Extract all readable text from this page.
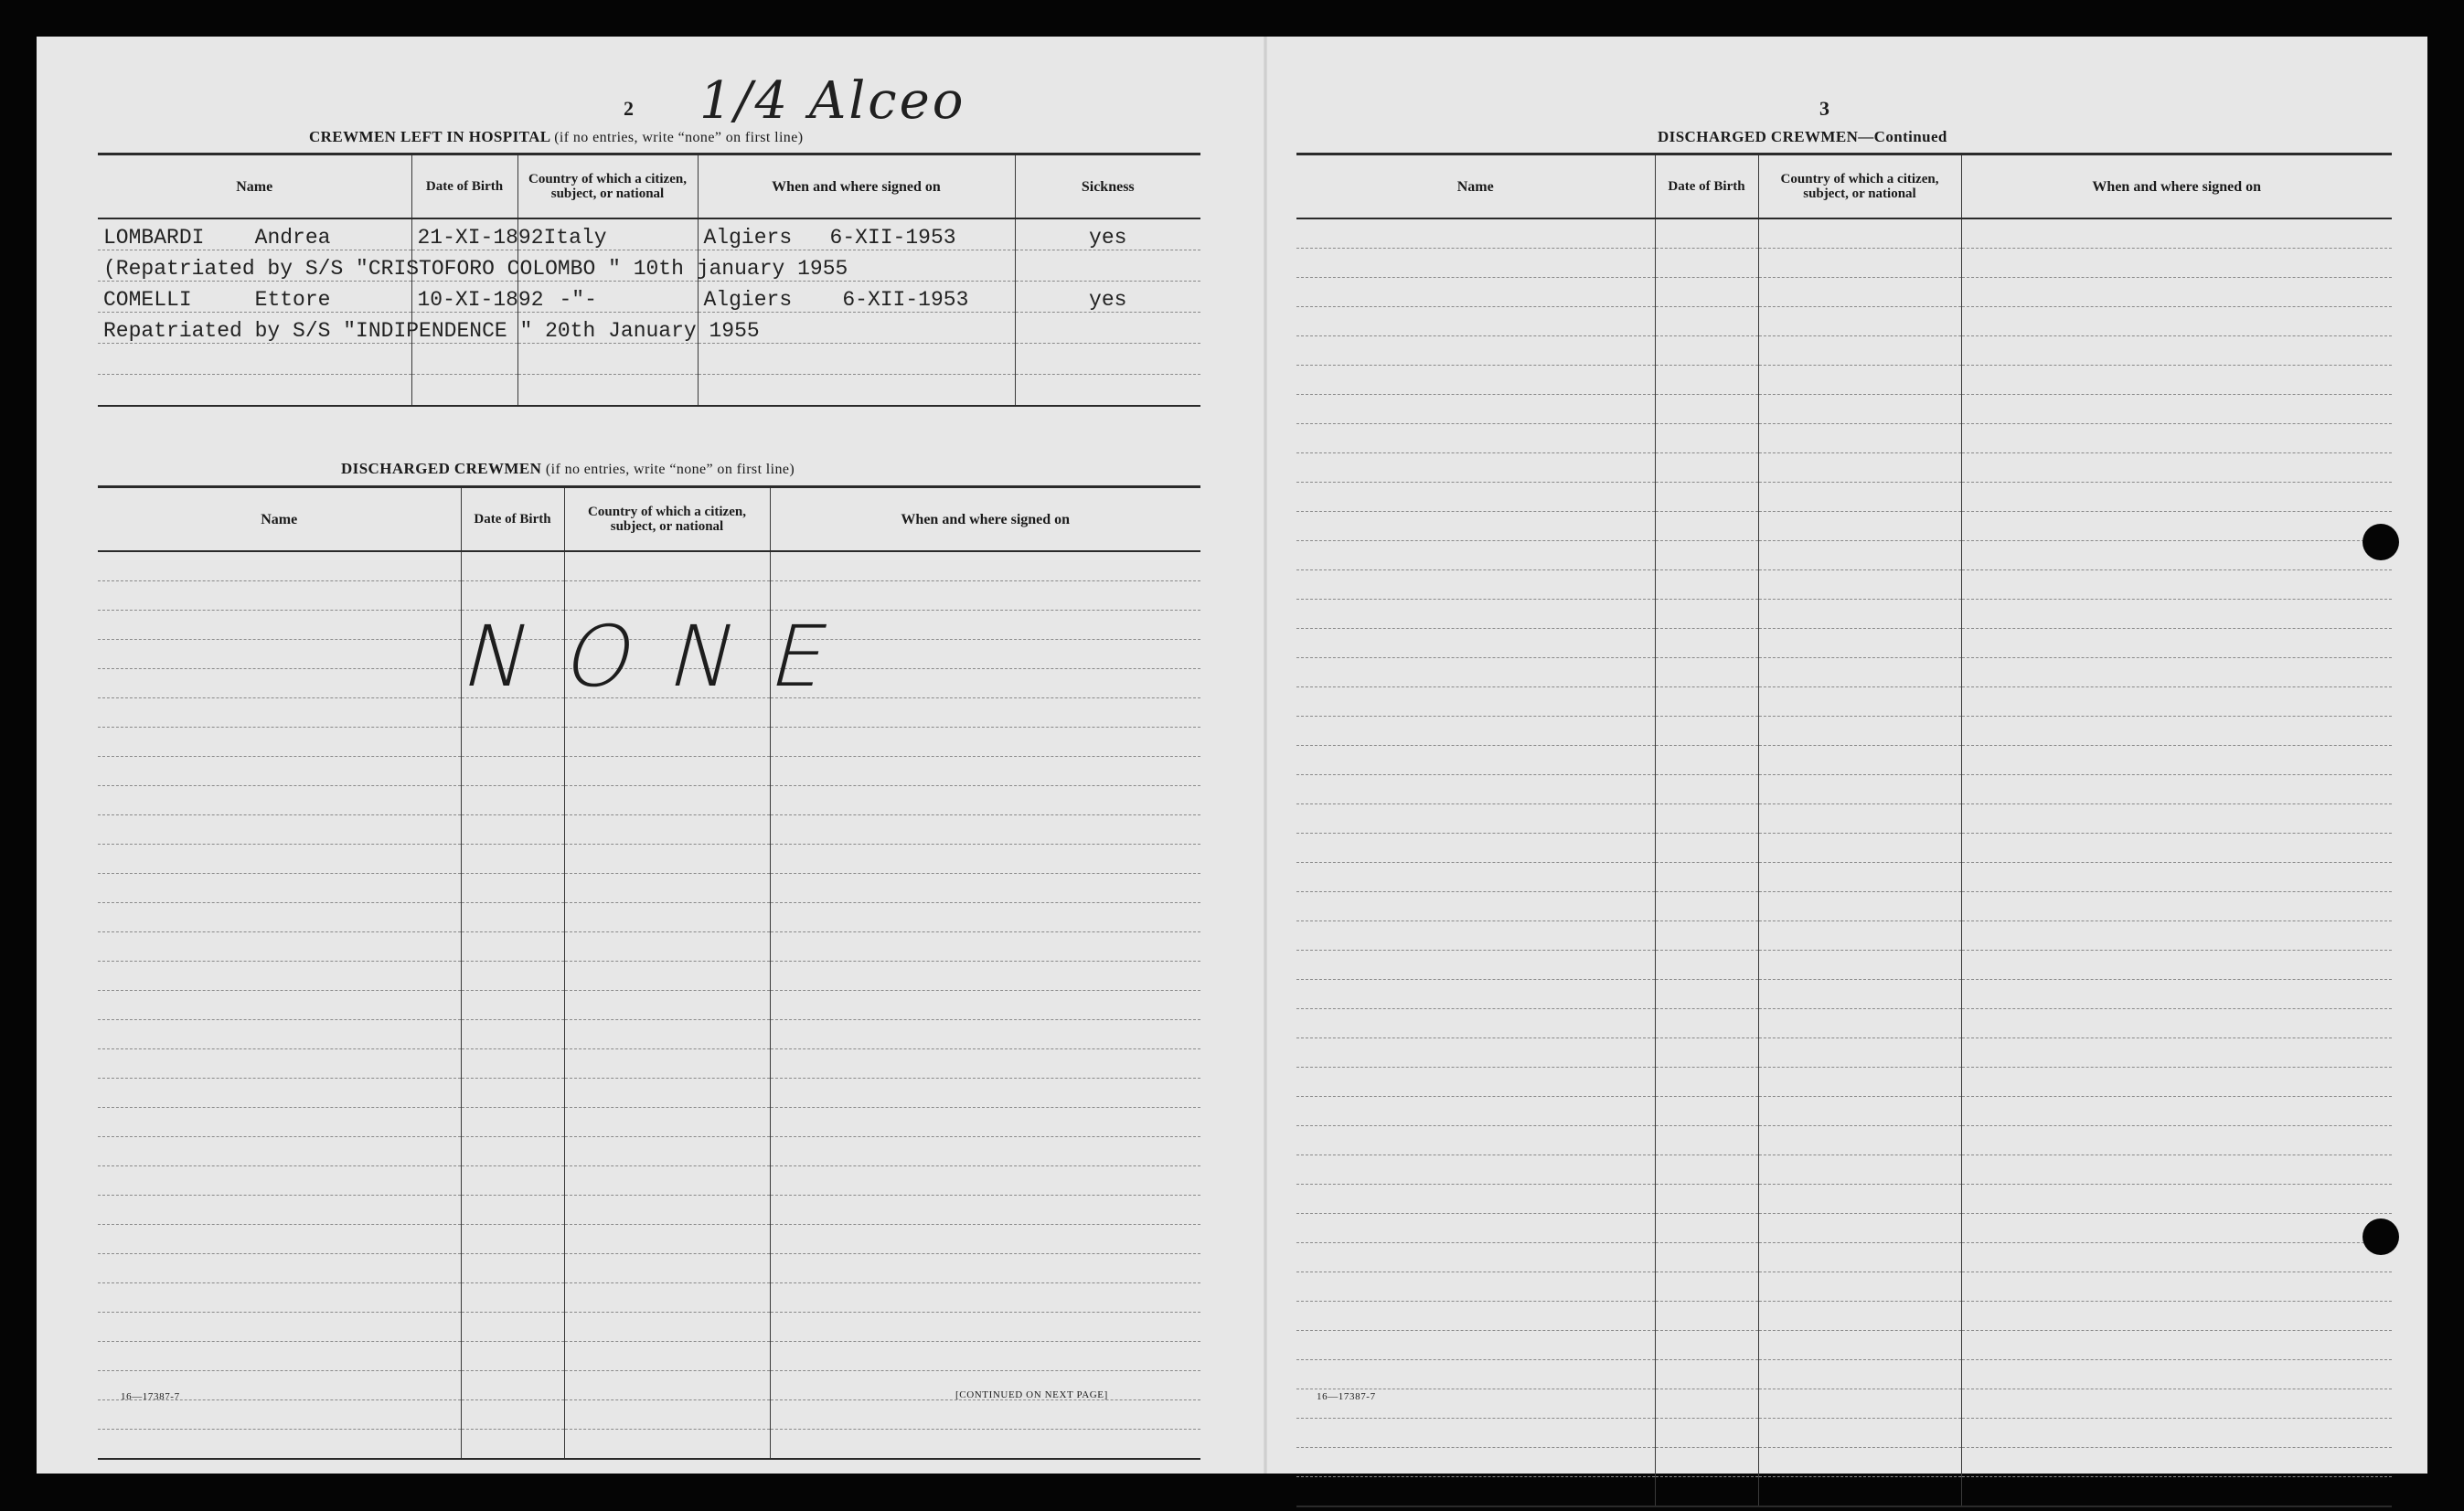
2 1/4 Alceo
CREWMEN LEFT IN HOSPITAL (if no entries, write “none” on first line)
Name	Date of Birth	Country of which a citizen, subject, or national	When and where signed on	Sickness
LOMBARDI Andrea	21-XI-1892	Italy	Algiers 6-XII-1953	yes
(Repatriated by S/S "CRISTOFORO COLOMBO " 10th january 1955				
COMELLI Ettore	10-XI-1892	-"-	Algiers 6-XII-1953	yes
Repatriated by S/S "INDIPENDENCE " 20th January 1955				

DISCHARGED CREWMEN (if no entries, write “none” on first line)
Name	Date of Birth	Country of which a citizen, subject, or national	When and where signed on

NONE
16—17387-7	[CONTINUED ON NEXT PAGE]
3
DISCHARGED CREWMEN—Continued
Name	Date of Birth	Country of which a citizen, subject, or national	When and where signed on

16—17387-7
